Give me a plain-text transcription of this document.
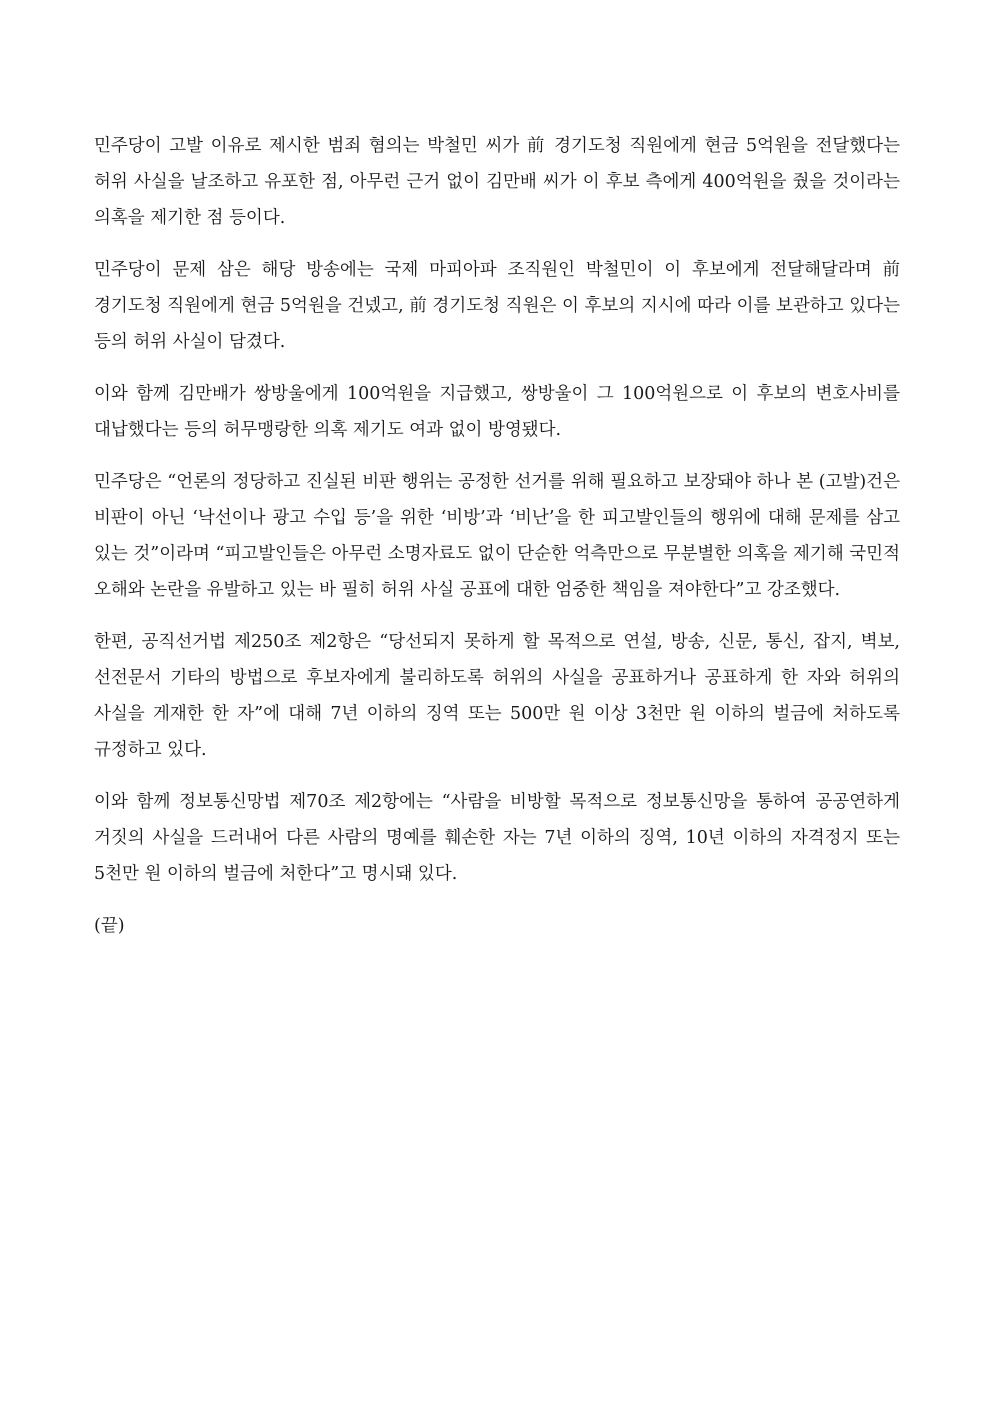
민주당이 고발 이유로 제시한 범죄 혐의는 박철민 씨가 前 경기도청 직원에게 현금 5억원을 전달했다는 허위 사실을 날조하고 유포한 점, 아무런 근거 없이 김만배 씨가 이 후보 측에게 400억원을 줬을 것이라는 의혹을 제기한 점 등이다.

민주당이 문제 삼은 해당 방송에는 국제 마피아파 조직원인 박철민이 이 후보에게 전달해달라며 前 경기도청 직원에게 현금 5억원을 건넸고, 前 경기도청 직원은 이 후보의 지시에 따라 이를 보관하고 있다는 등의 허위 사실이 담겼다.

이와 함께 김만배가 쌍방울에게 100억원을 지급했고, 쌍방울이 그 100억원으로 이 후보의 변호사비를 대납했다는 등의 허무맹랑한 의혹 제기도 여과 없이 방영됐다.

민주당은 “언론의 정당하고 진실된 비판 행위는 공정한 선거를 위해 필요하고 보장돼야 하나 본 (고발)건은 비판이 아닌 ‘낙선이나 광고 수입 등’을 위한 ‘비방’과 ‘비난’을 한 피고발인들의 행위에 대해 문제를 삼고 있는 것”이라며 “피고발인들은 아무런 소명자료도 없이 단순한 억측만으로 무분별한 의혹을 제기해 국민적 오해와 논란을 유발하고 있는 바 필히 허위 사실 공표에 대한 엄중한 책임을 져야한다”고 강조했다.

한편, 공직선거법 제250조 제2항은 “당선되지 못하게 할 목적으로 연설, 방송, 신문, 통신, 잡지, 벽보, 선전문서 기타의 방법으로 후보자에게 불리하도록 허위의 사실을 공표하거나 공표하게 한 자와 허위의 사실을 게재한 한 자”에 대해 7년 이하의 징역 또는 500만 원 이상 3천만 원 이하의 벌금에 처하도록 규정하고 있다.

이와 함께 정보통신망법 제70조 제2항에는 “사람을 비방할 목적으로 정보통신망을 통하여 공공연하게 거짓의 사실을 드러내어 다른 사람의 명예를 훼손한 자는 7년 이하의 징역, 10년 이하의 자격정지 또는 5천만 원 이하의 벌금에 처한다”고 명시돼 있다.

(끝)
